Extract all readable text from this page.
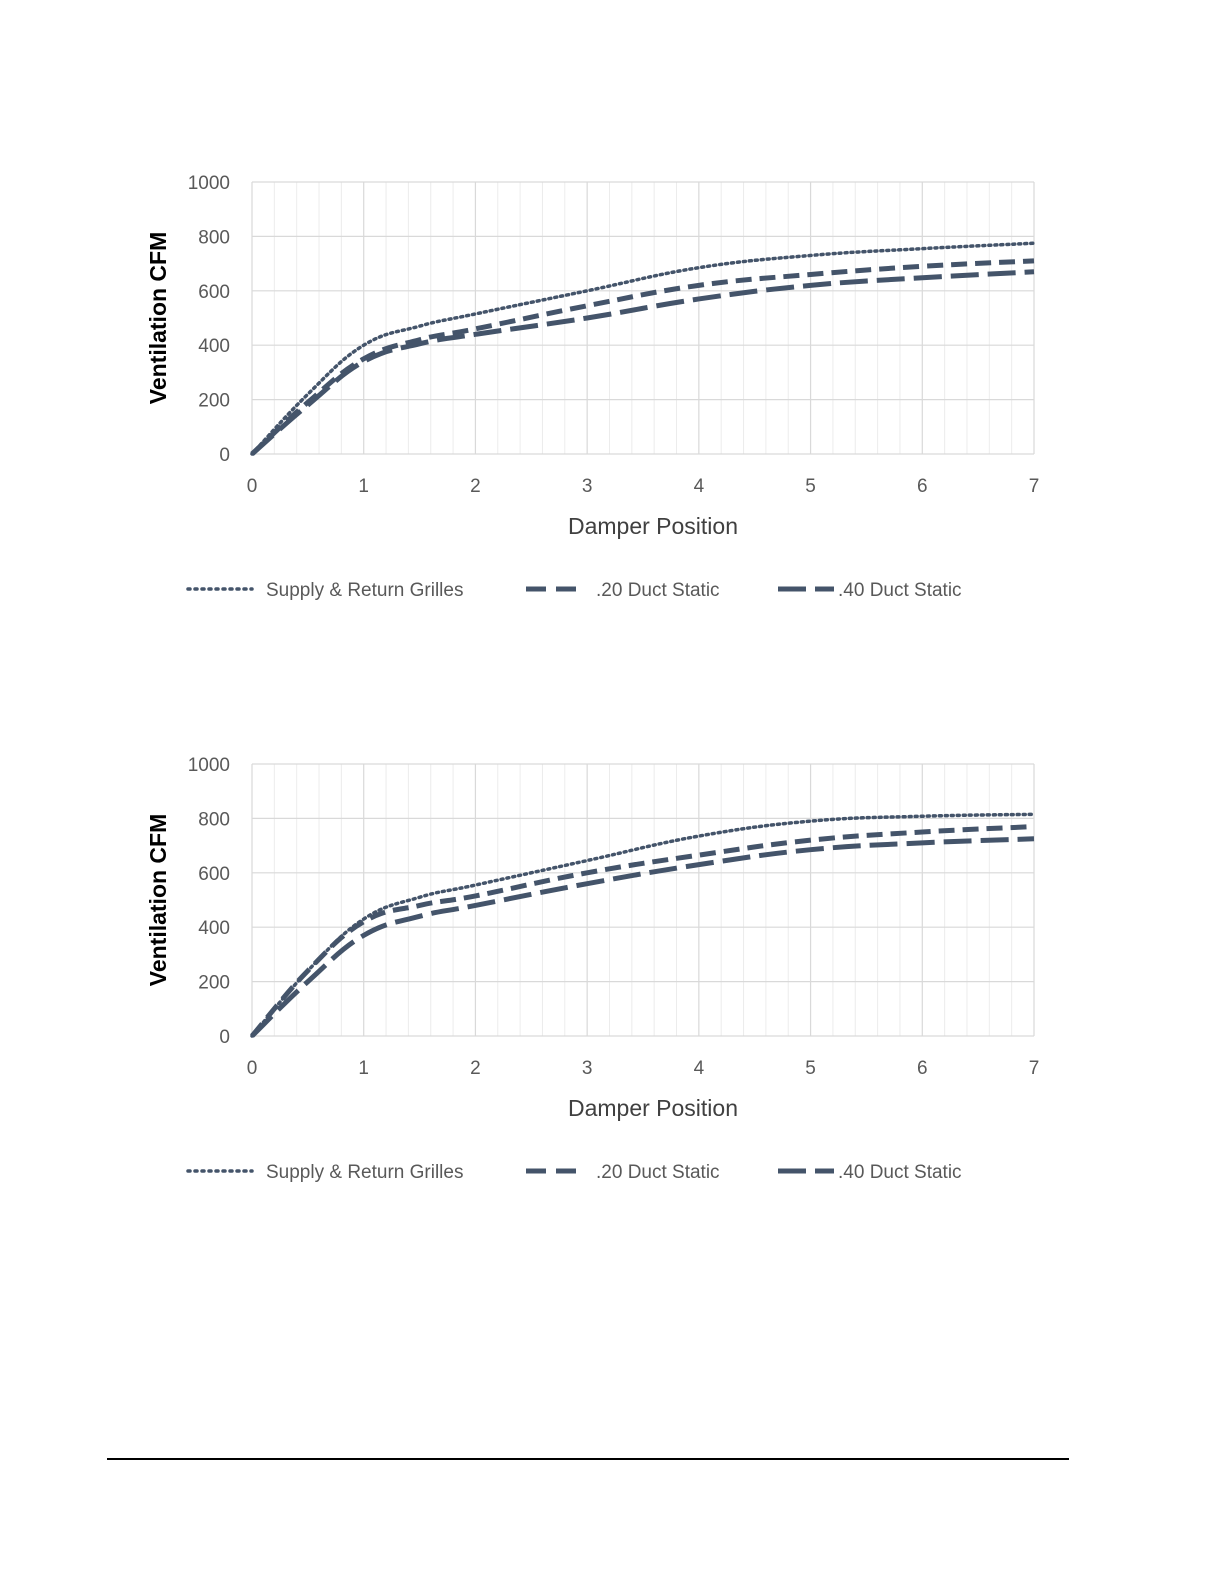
0	1	2	3	4	5	6	7
0
200
400
600
800
1000
Damper Position
Ventilation CFM
Supply & Return Grilles	.20 Duct Static	.40 Duct Static
0	1	2	3	4	5	6	7
0
200
400
600
800
1000
Damper Position
Ventilation CFM
Supply & Return Grilles	.20 Duct Static	.40 Duct Static
